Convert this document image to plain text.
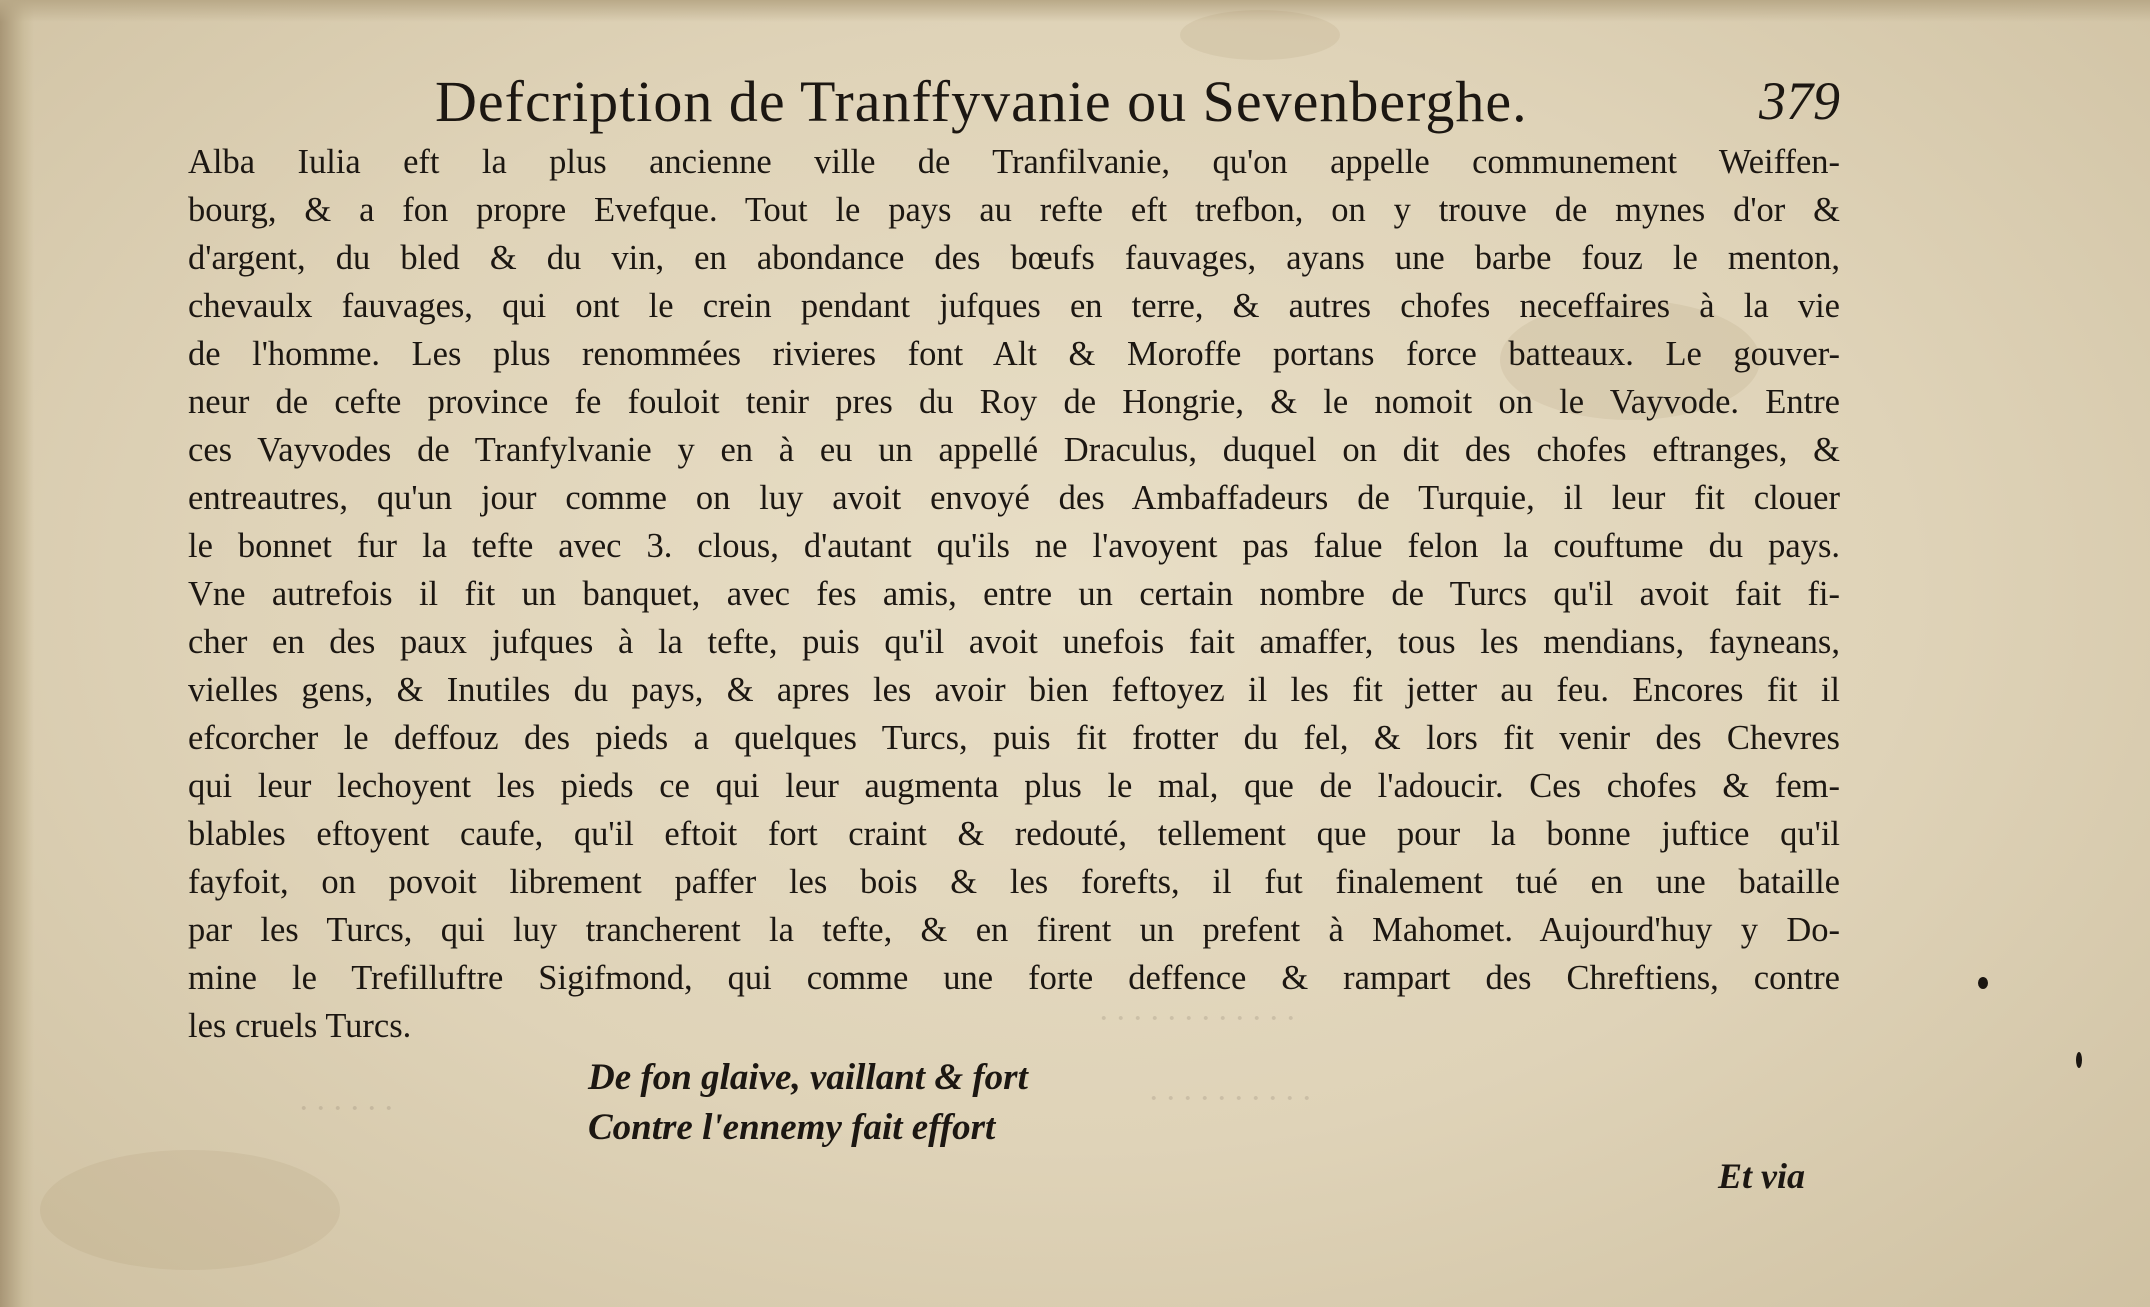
Defcription de Tranffyvanie ou Sevenberghe.	379
Alba Iulia eft la plus ancienne ville de Tranfilvanie, qu'on appelle communement Weiffen-
bourg, & a fon propre Evefque. Tout le pays au refte eft trefbon, on y trouve de mynes d'or &
d'argent, du bled & du vin, en abondance des bœufs fauvages, ayans une barbe fouz le menton,
chevaulx fauvages, qui ont le crein pendant jufques en terre, & autres chofes neceffaires à la vie
de l'homme. Les plus renommées rivieres font Alt & Moroffe portans force batteaux. Le gouver-
neur de cefte province fe fouloit tenir pres du Roy de Hongrie, & le nomoit on le Vayvode. Entre
ces Vayvodes de Tranfylvanie y en à eu un appellé Draculus, duquel on dit des chofes eftranges, &
entreautres, qu'un jour comme on luy avoit envoyé des Ambaffadeurs de Turquie, il leur fit clouer
le bonnet fur la tefte avec 3. clous, d'autant qu'ils ne l'avoyent pas falue felon la couftume du pays.
Vne autrefois il fit un banquet, avec fes amis, entre un certain nombre de Turcs qu'il avoit fait fi-
cher en des paux jufques à la tefte, puis qu'il avoit unefois fait amaffer, tous les mendians, fayneans,
vielles gens, & Inutiles du pays, & apres les avoir bien feftoyez il les fit jetter au feu. Encores fit il
efcorcher le deffouz des pieds a quelques Turcs, puis fit frotter du fel, & lors fit venir des Chevres
qui leur lechoyent les pieds ce qui leur augmenta plus le mal, que de l'adoucir. Ces chofes & fem-
blables eftoyent caufe, qu'il eftoit fort craint & redouté, tellement que pour la bonne juftice qu'il
fayfoit, on povoit librement paffer les bois & les forefts, il fut finalement tué en une bataille
par les Turcs, qui luy trancherent la tefte, & en firent un prefent à Mahomet. Aujourd'huy y Do-
mine le Trefilluftre Sigifmond, qui comme une forte deffence & rampart des Chreftiens, contre
les cruels Turcs.
De fon glaive, vaillant & fort
Contre l'ennemy fait effort
Et via
· · · · · · · · · · · ·
· · · · · · · · · ·
· · · · · ·
